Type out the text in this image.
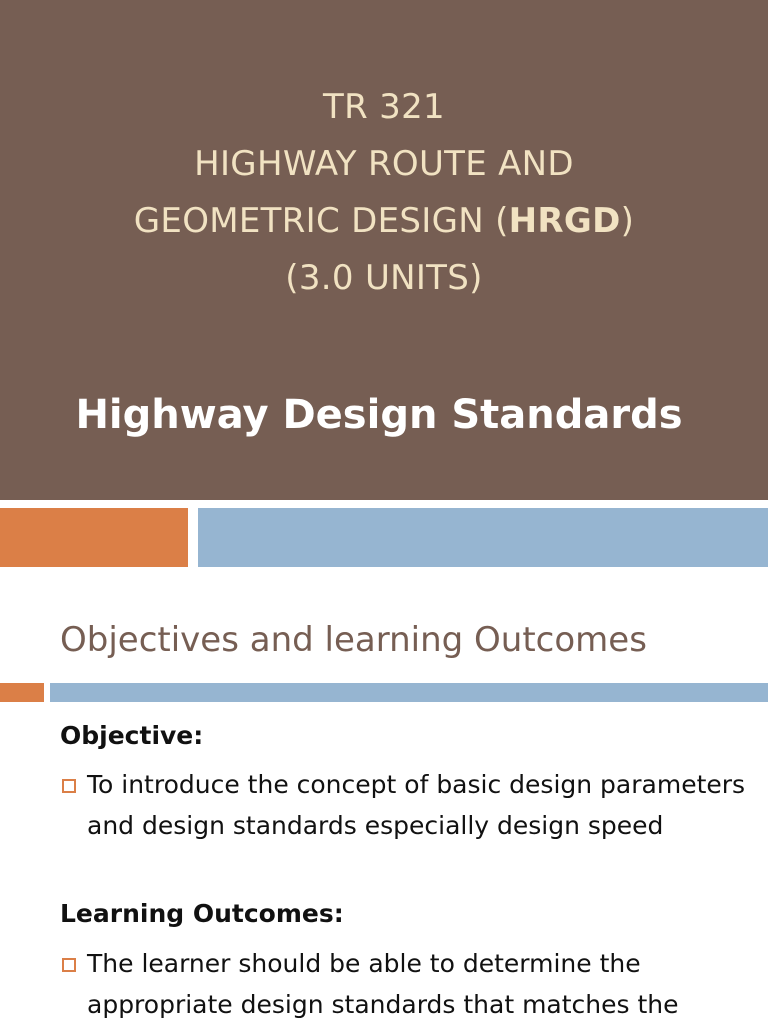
TR 321
HIGHWAY ROUTE AND
GEOMETRIC DESIGN (HRGD)
(3.0 UNITS)
Highway Design Standards
Objectives and learning Outcomes
Objective:
To introduce the concept of basic design parameters and design standards especially design speed
Learning Outcomes:
The learner should be able to determine the appropriate design standards that matches the
